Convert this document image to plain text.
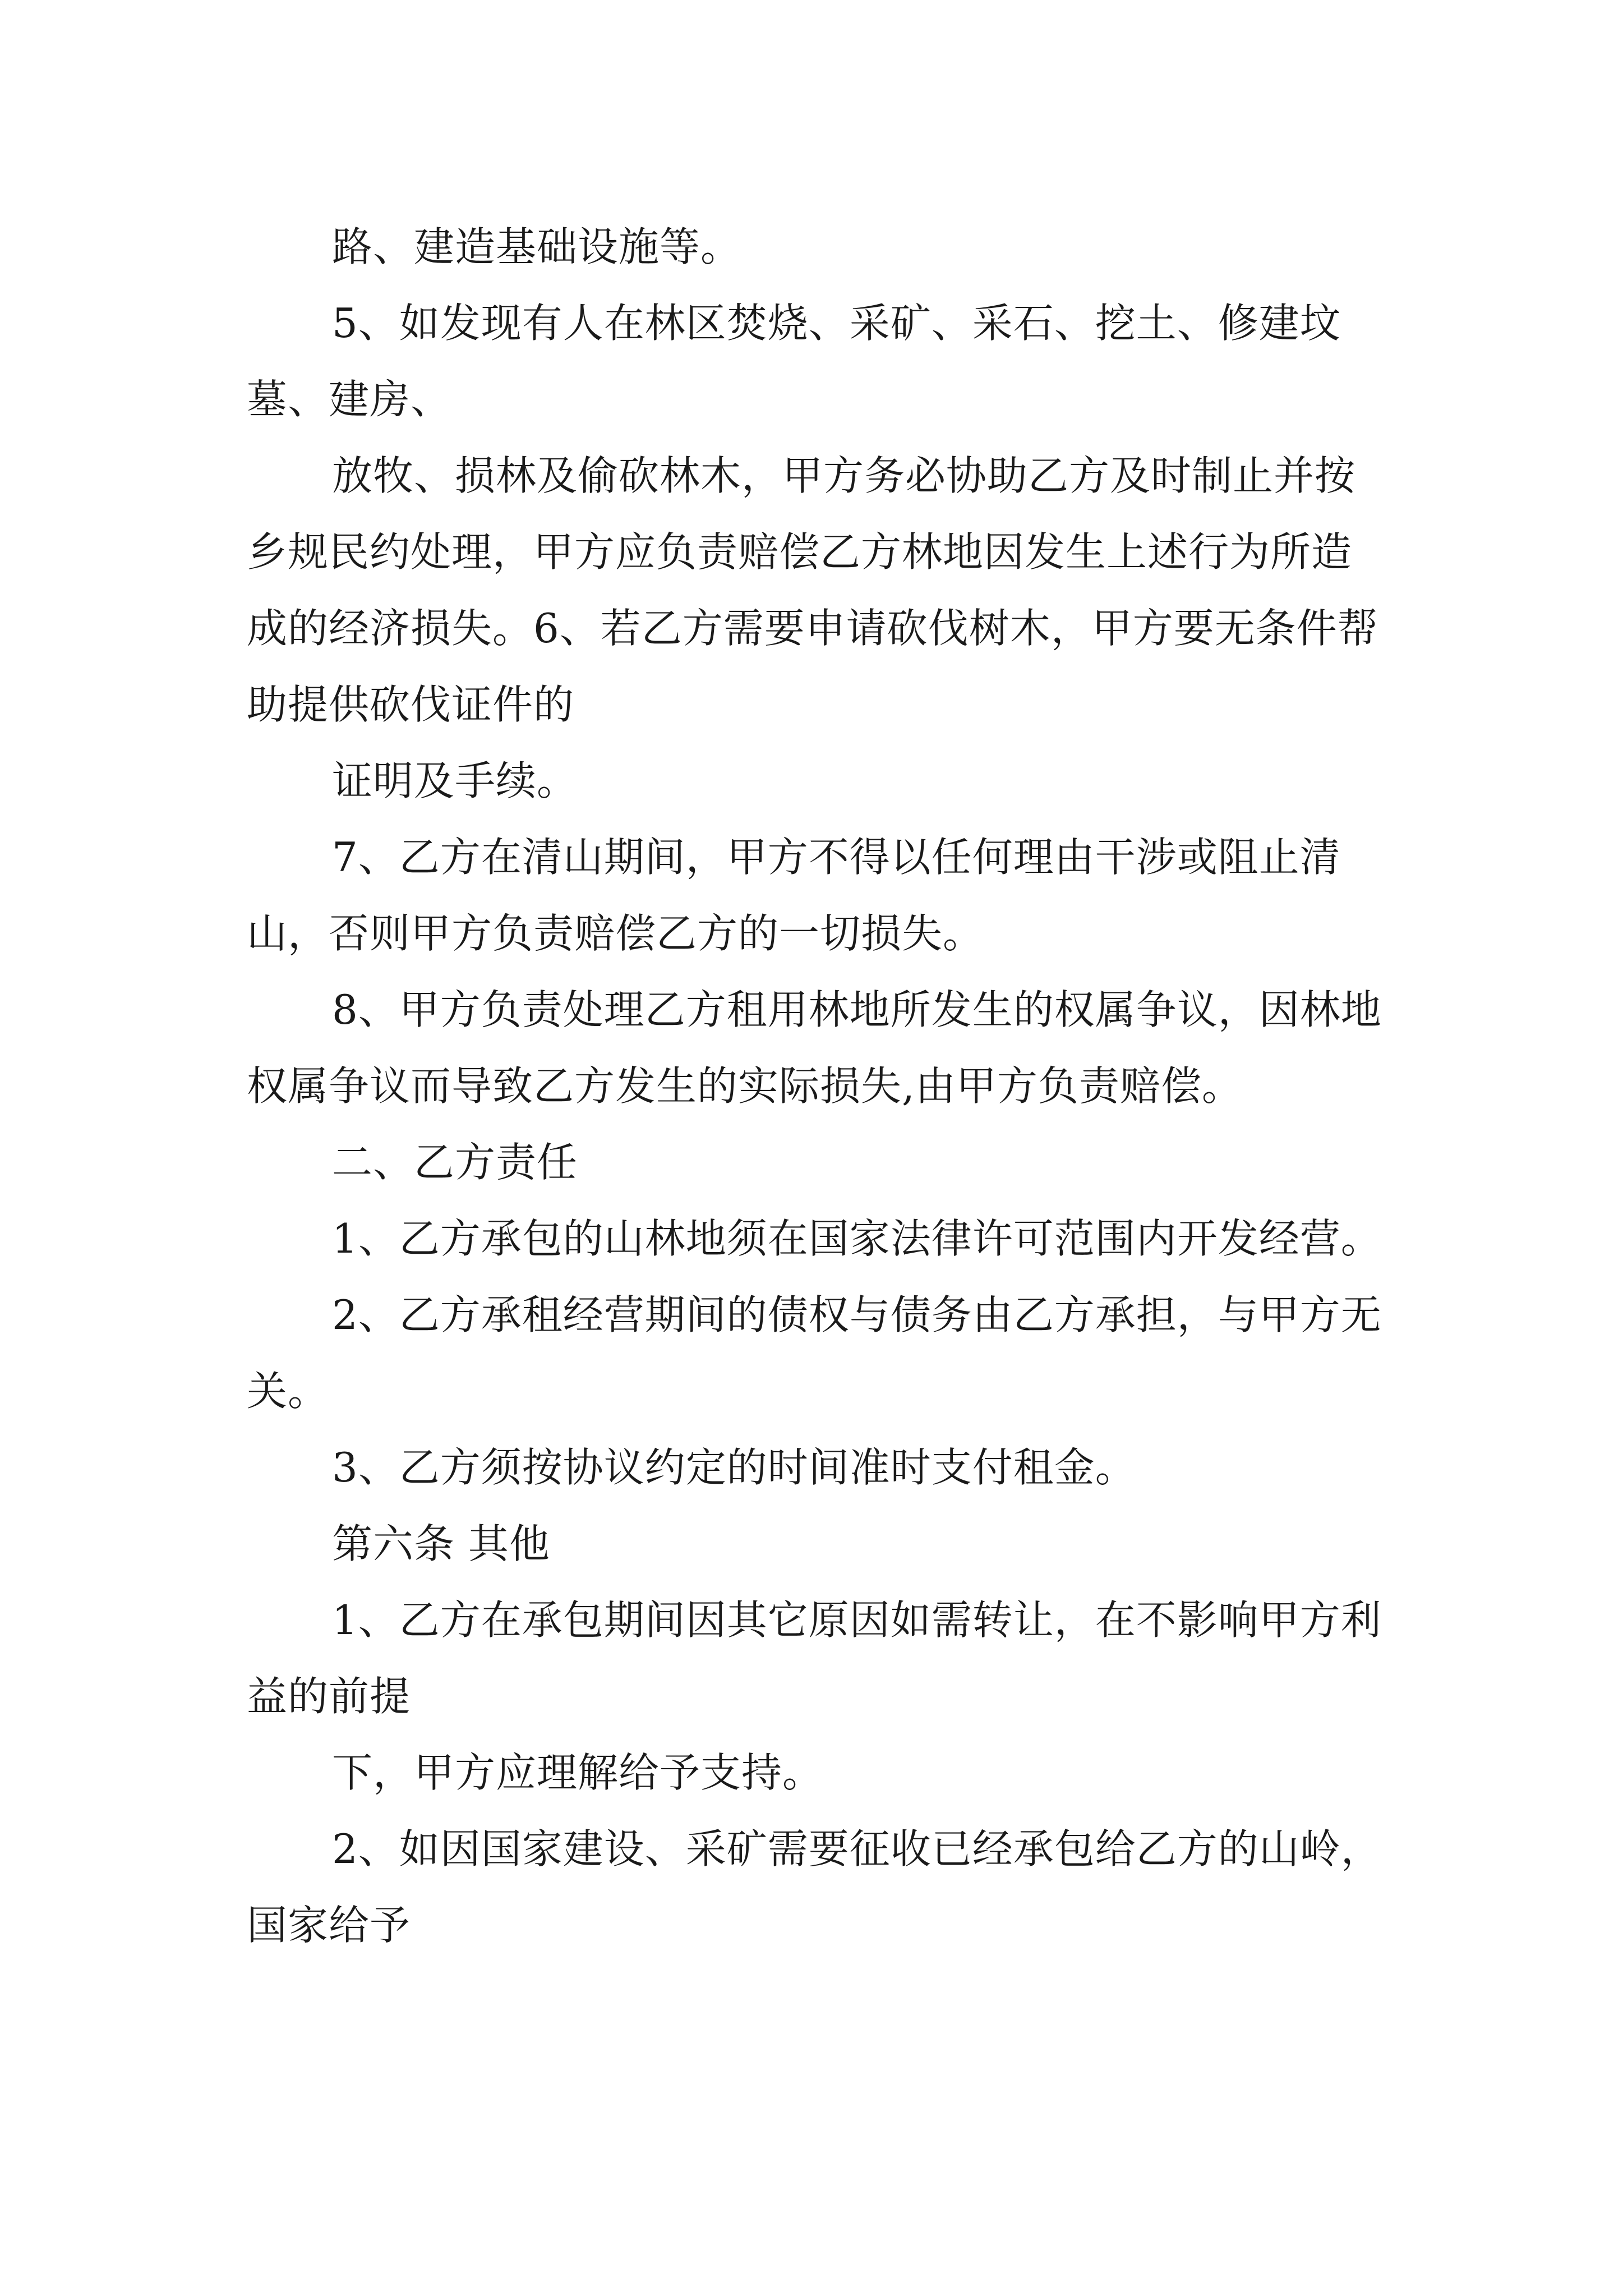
路、建造基础设施等。

5、如发现有人在林区焚烧、采矿、采石、挖土、修建坟墓、建房、

放牧、损林及偷砍林木，甲方务必协助乙方及时制止并按乡规民约处理，甲方应负责赔偿乙方林地因发生上述行为所造成的经济损失。6、若乙方需要申请砍伐树木，甲方要无条件帮助提供砍伐证件的

证明及手续。

7、乙方在清山期间，甲方不得以任何理由干涉或阻止清山，否则甲方负责赔偿乙方的一切损失。

8、甲方负责处理乙方租用林地所发生的权属争议，因林地权属争议而导致乙方发生的实际损失,由甲方负责赔偿。

二、乙方责任

1、乙方承包的山林地须在国家法律许可范围内开发经营。

2、乙方承租经营期间的债权与债务由乙方承担，与甲方无关。

3、乙方须按协议约定的时间准时支付租金。

第六条 其他

1、乙方在承包期间因其它原因如需转让，在不影响甲方利益的前提

下，甲方应理解给予支持。

2、如因国家建设、采矿需要征收已经承包给乙方的山岭，国家给予
